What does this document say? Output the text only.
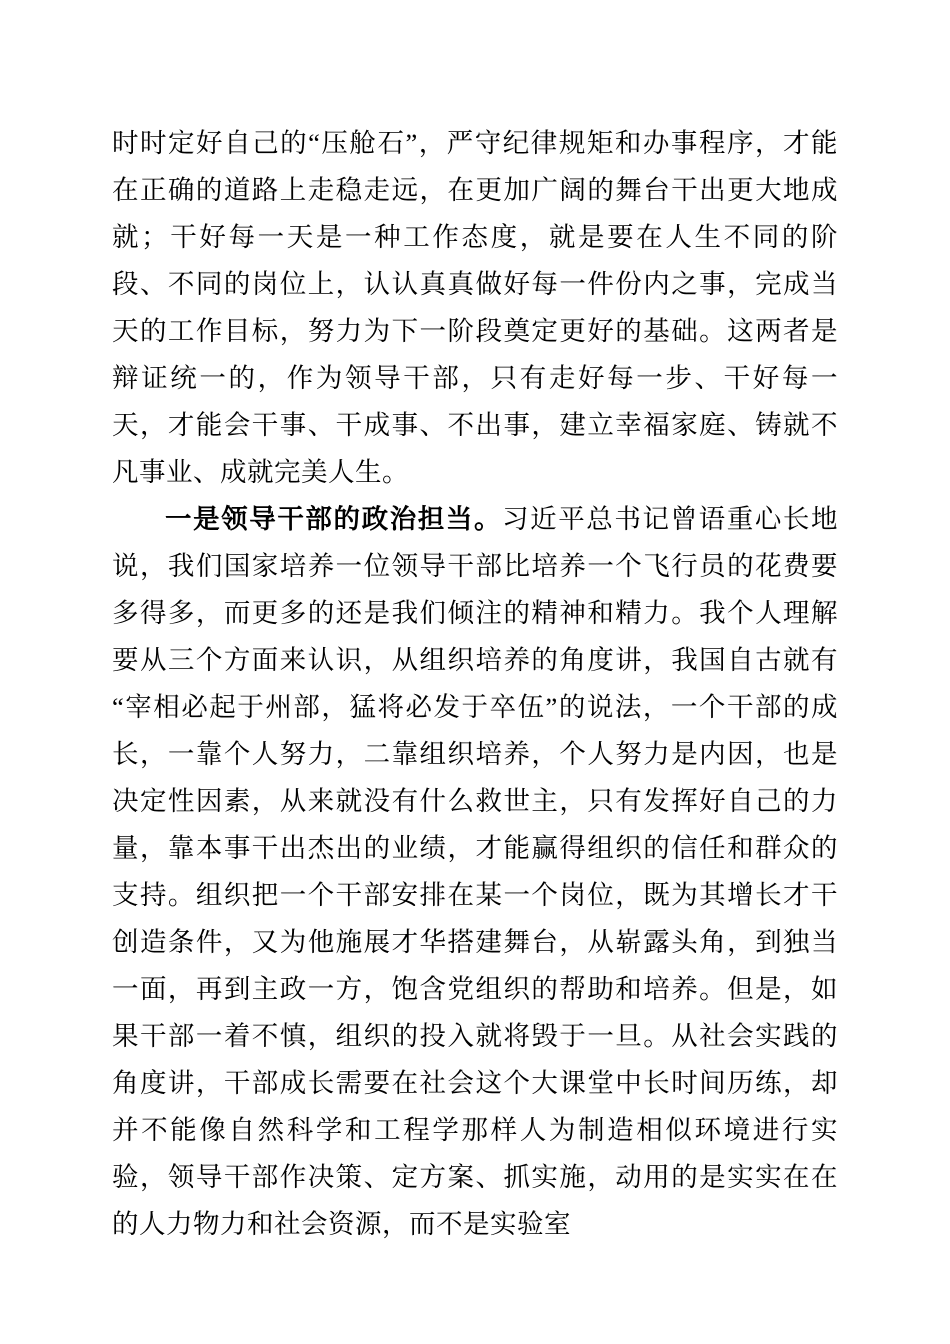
时时定好自己的“压舱石”，严守纪律规矩和办事程序，才能在正确的道路上走稳走远，在更加广阔的舞台干出更大地成就；干好每一天是一种工作态度，就是要在人生不同的阶段、不同的岗位上，认认真真做好每一件份内之事，完成当天的工作目标，努力为下一阶段奠定更好的基础。这两者是辩证统一的，作为领导干部，只有走好每一步、干好每一天，才能会干事、干成事、不出事，建立幸福家庭、铸就不凡事业、成就完美人生。

一是领导干部的政治担当。习近平总书记曾语重心长地说，我们国家培养一位领导干部比培养一个飞行员的花费要多得多，而更多的还是我们倾注的精神和精力。我个人理解要从三个方面来认识，从组织培养的角度讲，我国自古就有“宰相必起于州部，猛将必发于卒伍”的说法，一个干部的成长，一靠个人努力，二靠组织培养，个人努力是内因，也是决定性因素，从来就没有什么救世主，只有发挥好自己的力量，靠本事干出杰出的业绩，才能赢得组织的信任和群众的支持。组织把一个干部安排在某一个岗位，既为其增长才干创造条件，又为他施展才华搭建舞台，从崭露头角，到独当一面，再到主政一方，饱含党组织的帮助和培养。但是，如果干部一着不慎，组织的投入就将毁于一旦。从社会实践的角度讲，干部成长需要在社会这个大课堂中长时间历练，却并不能像自然科学和工程学那样人为制造相似环境进行实验，领导干部作决策、定方案、抓实施，动用的是实实在在的人力物力和社会资源，而不是实验室
